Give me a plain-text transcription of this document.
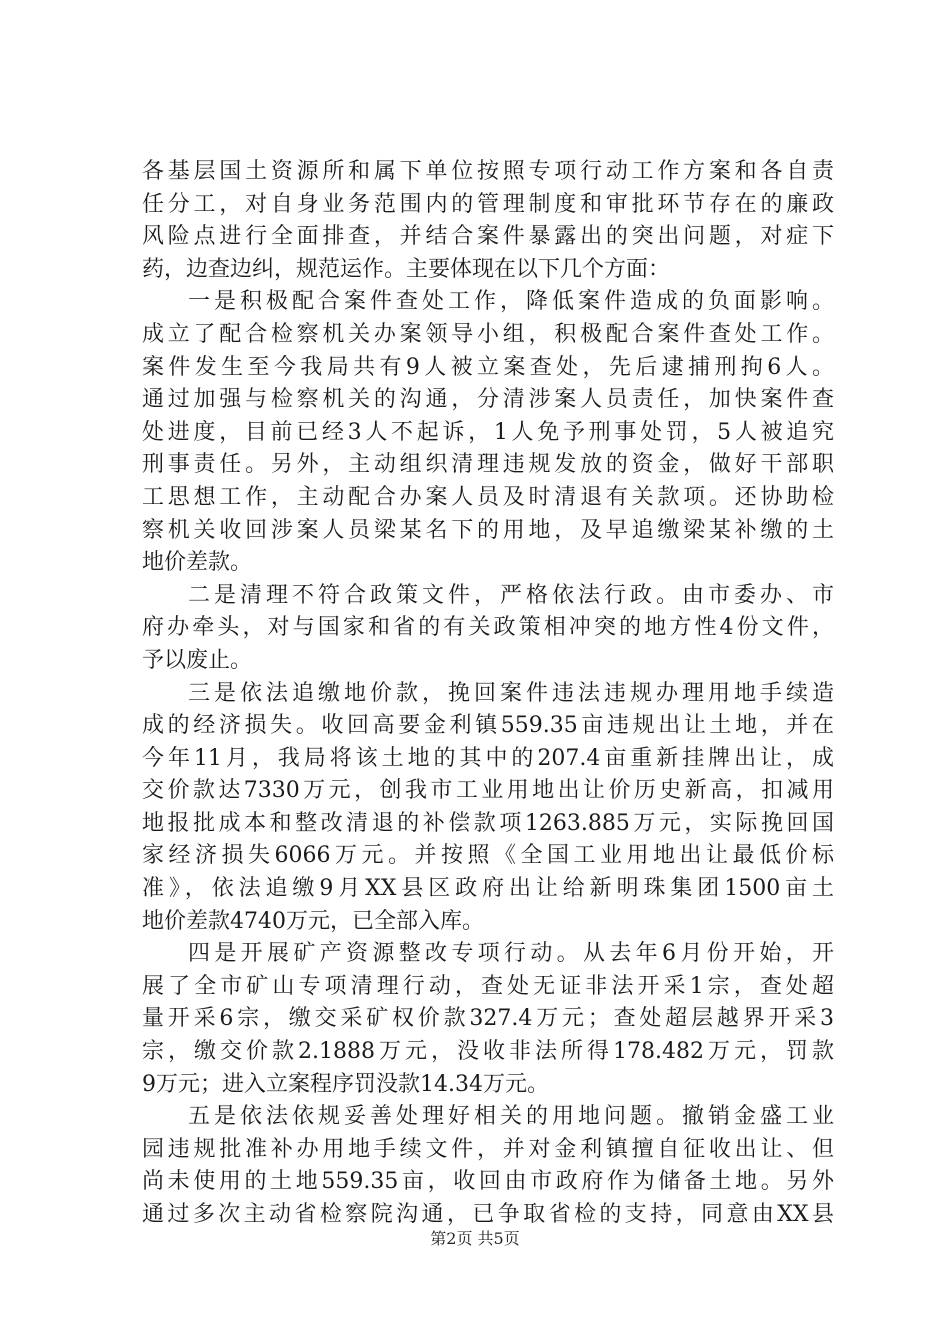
各基层国土资源所和属下单位按照专项行动工作方案和各自责
任分工，对自身业务范围内的管理制度和审批环节存在的廉政
风险点进行全面排查，并结合案件暴露出的突出问题，对症下
药，边查边纠，规范运作。主要体现在以下几个方面：
一是积极配合案件查处工作，降低案件造成的负面影响。
成立了配合检察机关办案领导小组，积极配合案件查处工作。
案件发生至今我局共有9人被立案查处，先后逮捕刑拘6人。
通过加强与检察机关的沟通，分清涉案人员责任，加快案件查
处进度，目前已经3人不起诉，1人免予刑事处罚，5人被追究
刑事责任。另外，主动组织清理违规发放的资金，做好干部职
工思想工作，主动配合办案人员及时清退有关款项。还协助检
察机关收回涉案人员梁某名下的用地，及早追缴梁某补缴的土
地价差款。
二是清理不符合政策文件，严格依法行政。由市委办、市
府办牵头，对与国家和省的有关政策相冲突的地方性4份文件，
予以废止。
三是依法追缴地价款，挽回案件违法违规办理用地手续造
成的经济损失。收回高要金利镇559.35亩违规出让土地，并在
今年11月，我局将该土地的其中的207.4亩重新挂牌出让，成
交价款达7330万元，创我市工业用地出让价历史新高，扣减用
地报批成本和整改清退的补偿款项1263.885万元，实际挽回国
家经济损失6066万元。并按照《全国工业用地出让最低价标
准》，依法追缴9月XX县区政府出让给新明珠集团1500亩土
地价差款4740万元，已全部入库。
四是开展矿产资源整改专项行动。从去年6月份开始，开
展了全市矿山专项清理行动，查处无证非法开采1宗，查处超
量开采6宗，缴交采矿权价款327.4万元；查处超层越界开采3
宗，缴交价款2.1888万元，没收非法所得178.482万元，罚款
9万元；进入立案程序罚没款14.34万元。
五是依法依规妥善处理好相关的用地问题。撤销金盛工业
园违规批准补办用地手续文件，并对金利镇擅自征收出让、但
尚未使用的土地559.35亩，收回由市政府作为储备土地。另外
通过多次主动省检察院沟通，已争取省检的支持，同意由XX县
第2页 共5页
